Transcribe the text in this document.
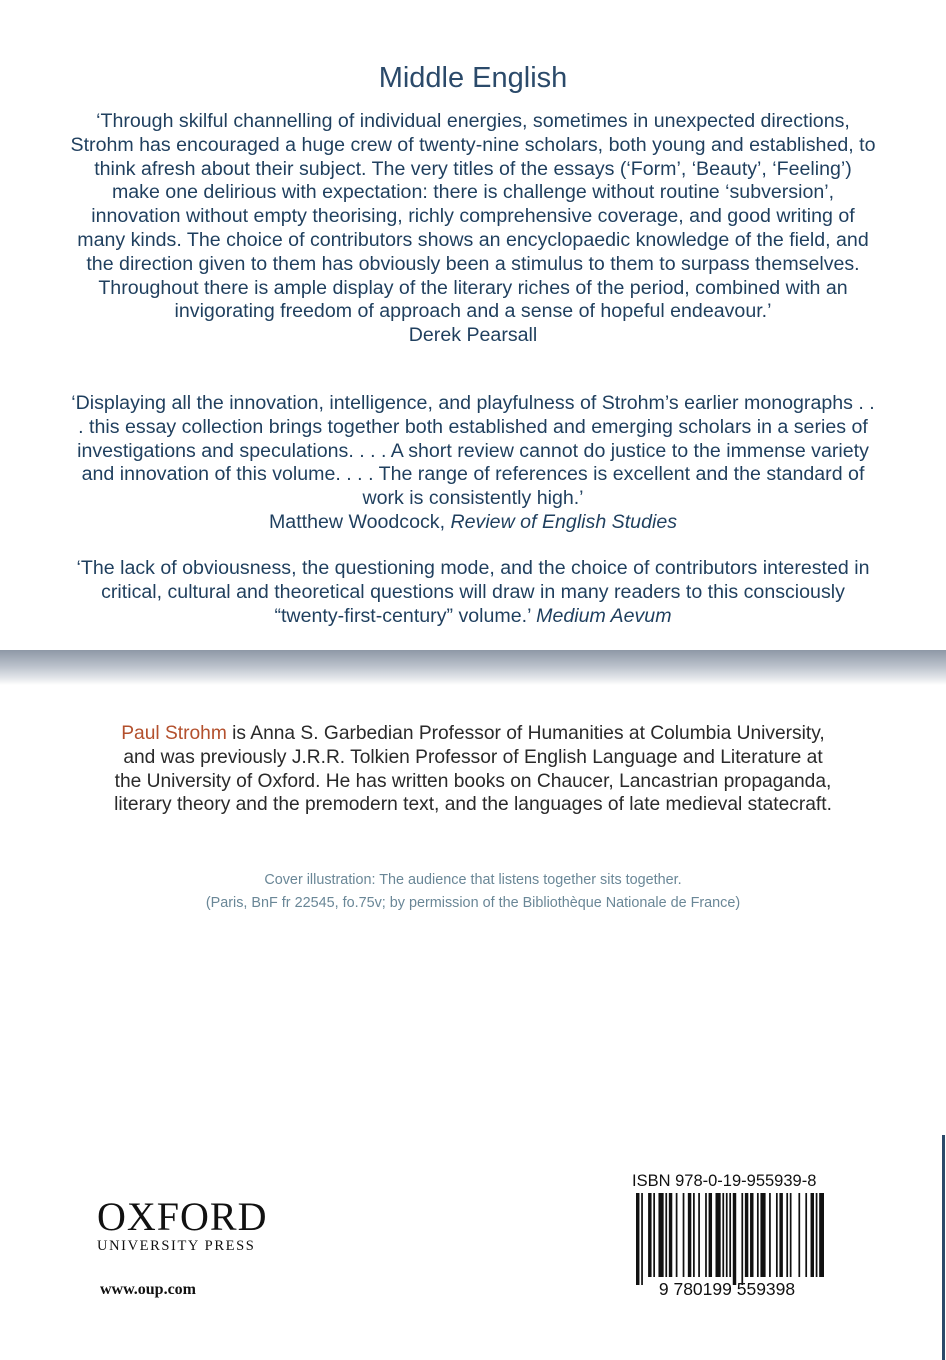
Middle English
‘Through skilful channelling of individual energies, sometimes in unexpected directions, Strohm has encouraged a huge crew of twenty-nine scholars, both young and established, to think afresh about their subject. The very titles of the essays (‘Form’, ‘Beauty’, ‘Feeling’) make one delirious with expectation: there is challenge without routine ‘subversion’, innovation without empty theorising, richly comprehensive coverage, and good writing of many kinds. The choice of contributors shows an encyclopaedic knowledge of the field, and the direction given to them has obviously been a stimulus to them to surpass themselves. Throughout there is ample display of the literary riches of the period, combined with an invigorating freedom of approach and a sense of hopeful endeavour.’
Derek Pearsall
‘Displaying all the innovation, intelligence, and playfulness of Strohm’s earlier monographs . . . this essay collection brings together both established and emerging scholars in a series of investigations and speculations. . . . A short review cannot do justice to the immense variety and innovation of this volume. . . . The range of references is excellent and the standard of work is consistently high.’
Matthew Woodcock, Review of English Studies
‘The lack of obviousness, the questioning mode, and the choice of contributors interested in critical, cultural and theoretical questions will draw in many readers to this consciously “twenty-first-century” volume.’ Medium Aevum
Paul Strohm is Anna S. Garbedian Professor of Humanities at Columbia University, and was previously J.R.R. Tolkien Professor of English Language and Literature at the University of Oxford. He has written books on Chaucer, Lancastrian propaganda, literary theory and the premodern text, and the languages of late medieval statecraft.
Cover illustration: The audience that listens together sits together.
(Paris, BnF fr 22545, fo.75v; by permission of the Bibliothèque Nationale de France)
OXFORD
UNIVERSITY PRESS
www.oup.com
ISBN 978-0-19-955939-8
9 780199 559398
